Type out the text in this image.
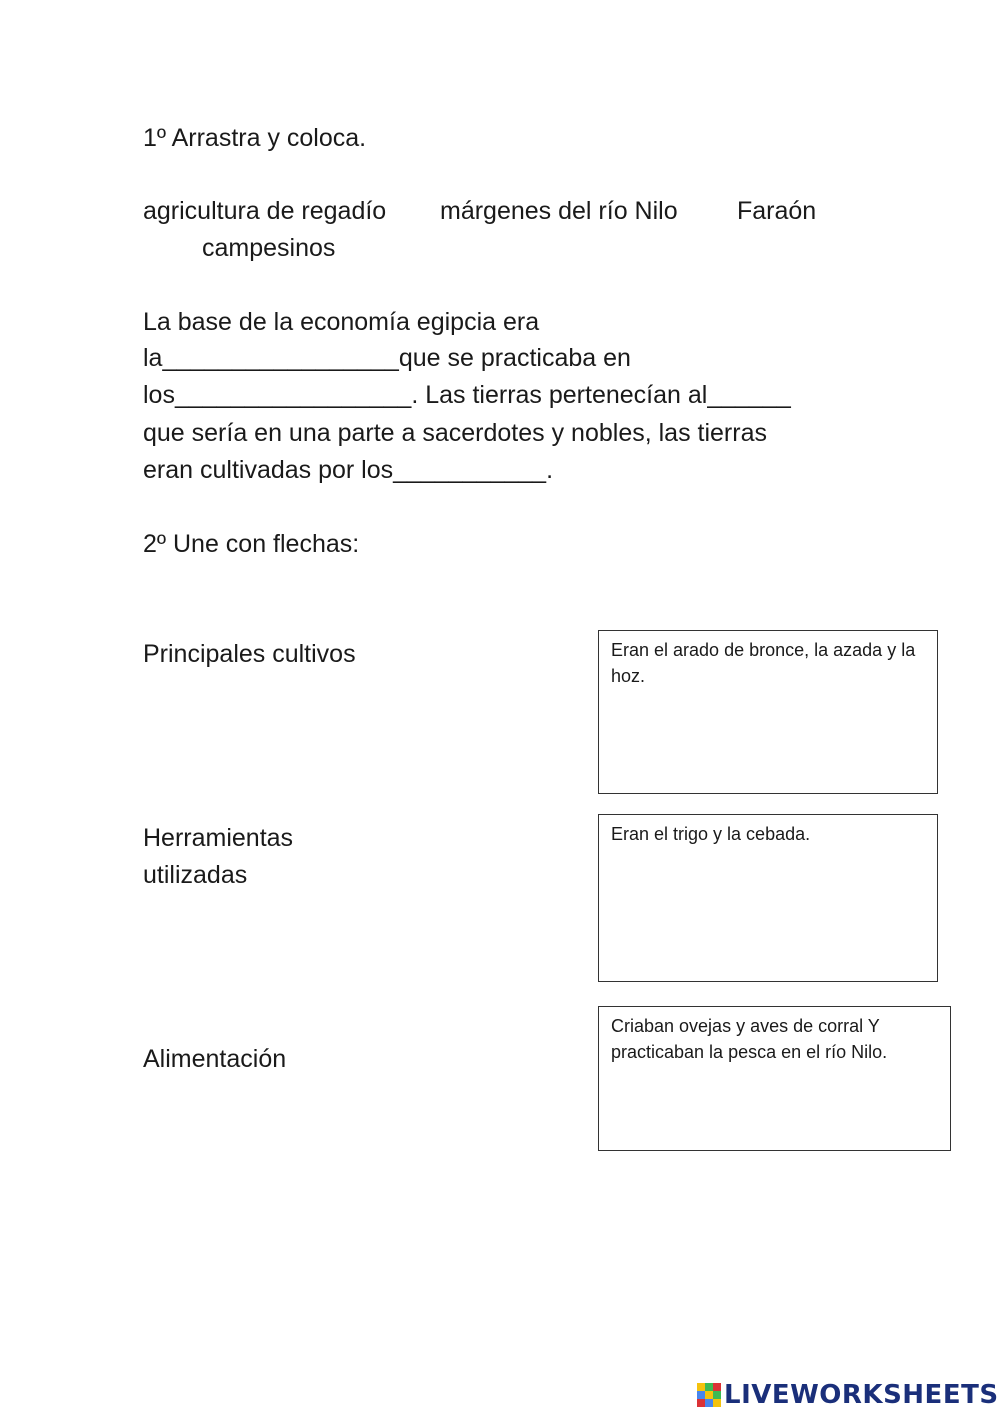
1º Arrastra y coloca.
agricultura de regadío márgenes del río Nilo Faraón
campesinos
La base de la economía egipcia era
la_________________que se practicaba en
los_________________. Las tierras pertenecían al______
que sería en una parte a sacerdotes y nobles, las tierras
eran cultivadas por los___________.
2º Une con flechas:
Principales cultivos
Herramientas
utilizadas
Alimentación
Eran el arado de bronce, la azada y la hoz.
Eran el trigo y la cebada.
Criaban ovejas y aves de corral Y practicaban la pesca en el río Nilo.
LIVEWORKSHEETS
